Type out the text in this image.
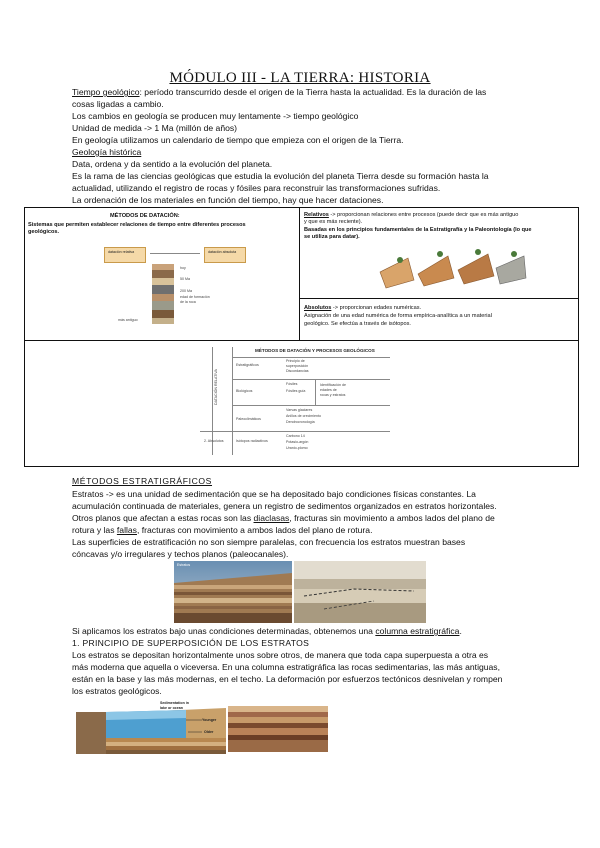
MÓDULO III - LA TIERRA: HISTORIA
Tiempo geológico: período transcurrido desde el origen de la Tierra hasta la actualidad. Es la duración de las
cosas ligadas a cambio.
Los cambios en geología se producen muy lentamente -> tiempo geológico
Unidad de medida -> 1 Ma (millón de años)
En geología utilizamos un calendario de tiempo que empieza con el origen de la Tierra.
Geología histórica
Data, ordena y da sentido a la evolución del planeta.
Es la rama de las ciencias geológicas que estudia la evolución del planeta Tierra desde su formación hasta la
actualidad, utilizando el registro de rocas y fósiles para reconstruir las transformaciones sufridas.
La ordenación de los materiales en función del tiempo, hay que hacer dataciones.
MÉTODOS DE DATACIÓN:
Sistemas que permiten establecer relaciones de tiempo entre diferentes procesos
geológicos.
datación relativa	datación absoluta
hoy
50 Ma
200 Ma
edad de formación
de la roca
más antiguo
Relativos -> proporcionan relaciones entre procesos (puede decir que es más antiguo
y que es más reciente).
Basadas en los principios fundamentales de la Estratigrafía y la Paleontología (lo que
se utiliza para datar).
Absolutos -> proporcionan edades numéricas.
Asignación de una edad numérica de forma empírica-analítica a un material
geológico. Se efectúa a través de isótopos.
MÉTODOS DE DATACIÓN Y PROCESOS GEOLÓGICOS
DATACIÓN RELATIVA
Estratigráficos
Principio de
superposición
Discordancias
Biológicos
Fósiles
Fósiles guía
Identificación de
edades de
rocas y estratos
Paleoclimáticos
Varvas glaciares
Anillos de crecimiento
Dendrocronología
2. Absolutos	Isótopos radiactivos
Carbono 14
Potasio-argón
Uranio-plomo
MÉTODOS ESTRATIGRÁFICOS
Estratos -> es una unidad de sedimentación que se ha depositado bajo condiciones físicas constantes. La
acumulación continuada de materiales, genera un registro de sedimentos organizados en estratos horizontales.
Otros planos que afectan a estas rocas son las diaclasas, fracturas sin movimiento a ambos lados del plano de
rotura y las fallas, fracturas con movimiento a ambos lados del plano de rotura.
Las superficies de estratificación no son siempre paralelas, con frecuencia los estratos muestran bases
cóncavas y/o irregulares y techos planos (paleocanales).
Estratos
Si aplicamos los estratos bajo unas condiciones determinadas, obtenemos una columna estratigráfica.
1. PRINCIPIO DE SUPERPOSICIÓN DE LOS ESTRATOS
Los estratos se depositan horizontalmente unos sobre otros, de manera que toda capa superpuesta a otra es
más moderna que aquella o viceversa. En una columna estratigráfica las rocas sedimentarias, las más antiguas,
están en la base y las más modernas, en el techo. La deformación por esfuerzos tectónicos desnivelan y rompen
los estratos geológicos.
Sedimentation in
lake or ocean
Younger
Older
